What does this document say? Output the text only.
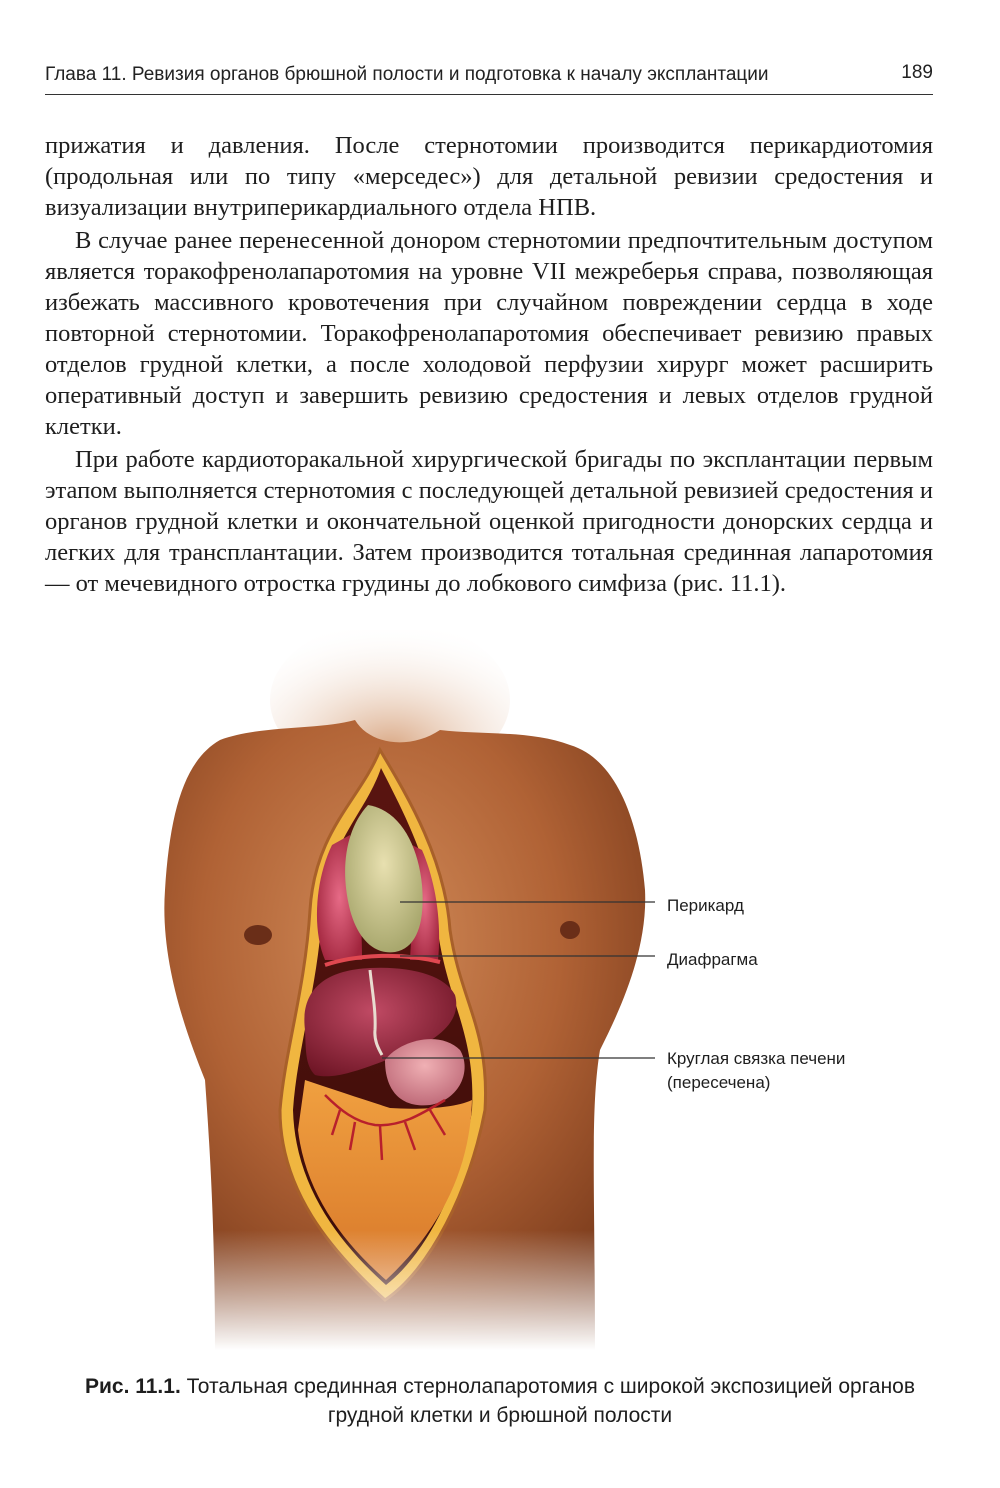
Глава 11. Ревизия органов брюшной полости и подготовка к началу эксплантации	189

прижатия и давления. После стернотомии производится перикардиотомия (продольная или по типу «мерседес») для детальной ревизии средостения и визуализации внутриперикардиального отдела НПВ.

В случае ранее перенесенной донором стернотомии предпочтительным доступом является торакофренолапаротомия на уровне VII межреберья справа, позволяющая избежать массивного кровотечения при случайном повреждении сердца в ходе повторной стернотомии. Торакофренолапаротомия обеспечивает ревизию правых отделов грудной клетки, а после холодовой перфузии хирург может расширить оперативный доступ и завершить ревизию средостения и левых отделов грудной клетки.

При работе кардиоторакальной хирургической бригады по эксплантации первым этапом выполняется стернотомия с последующей детальной ревизией средостения и органов грудной клетки и окончательной оценкой пригодности донорских сердца и легких для трансплантации. Затем производится тотальная срединная лапаротомия — от мечевидного отростка грудины до лобкового симфиза (рис. 11.1).

Перикард
Диафрагма
Круглая связка печени
(пересечена)
Рис. 11.1. Тотальная срединная стернолапаротомия с широкой экспозицией органов грудной клетки и брюшной полости
